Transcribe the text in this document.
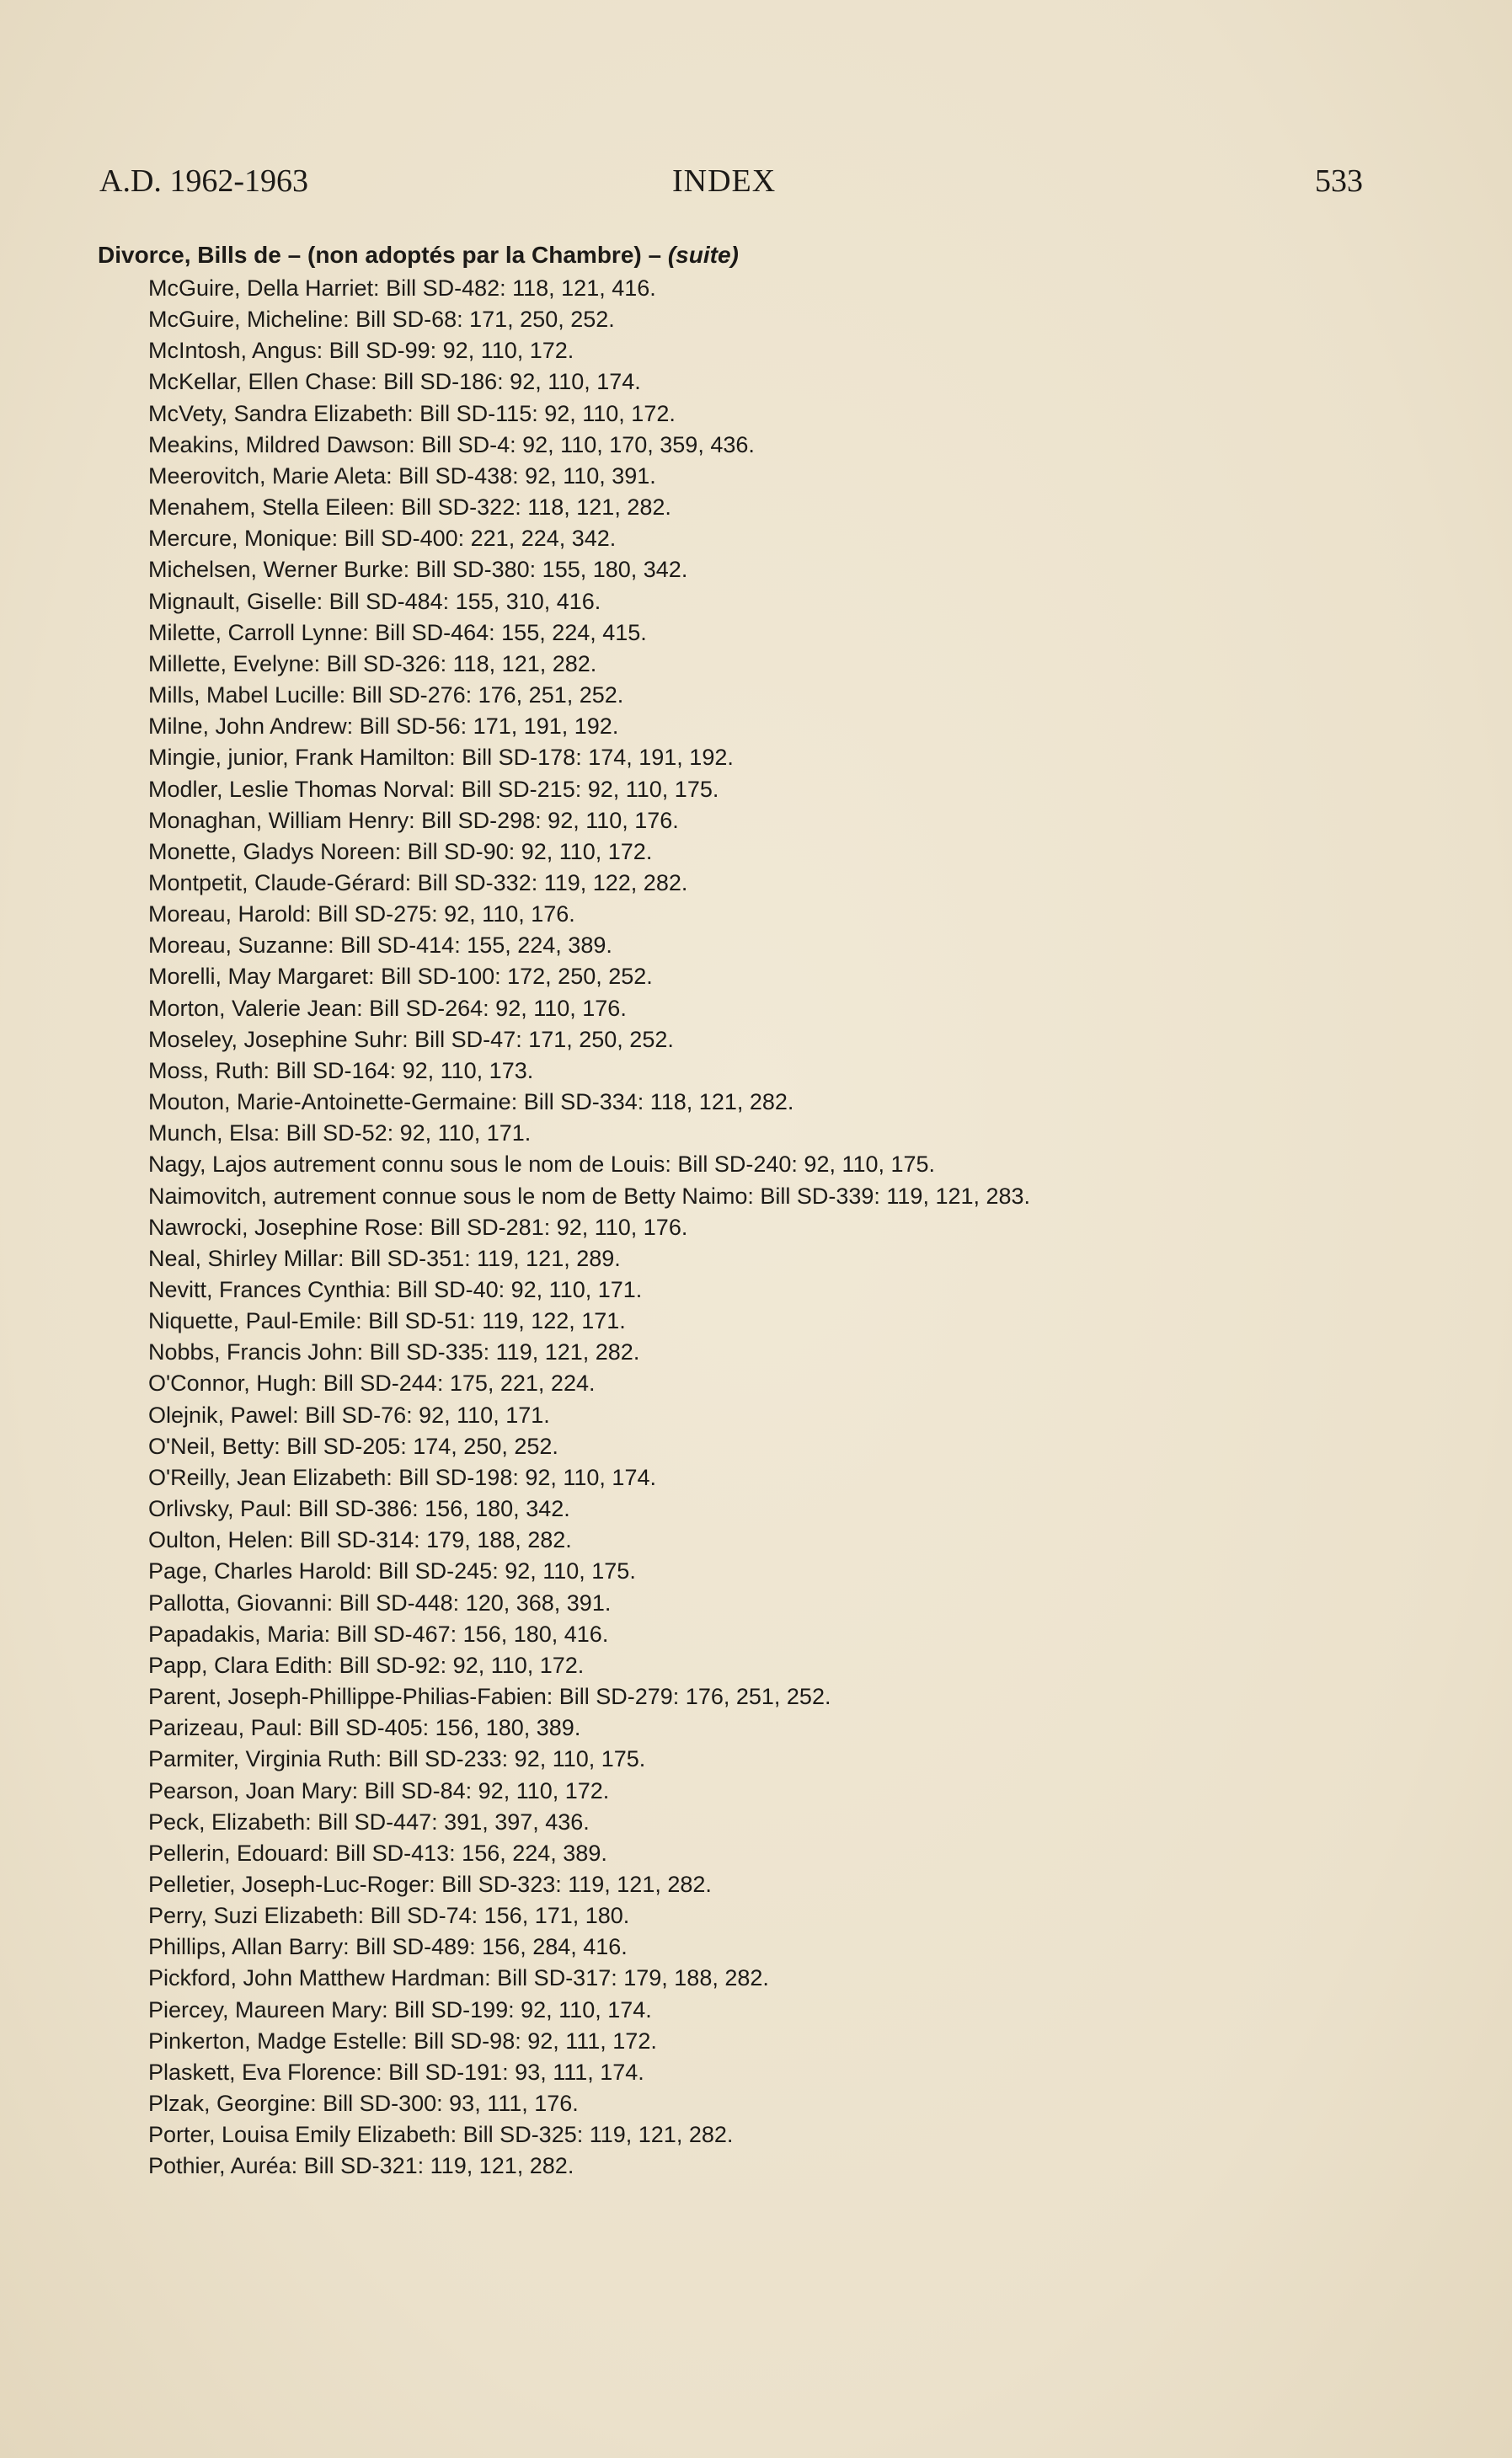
A.D. 1962-1963	INDEX	533
Divorce, Bills de – (non adoptés par la Chambre) – (suite)
McGuire, Della Harriet: Bill SD-482: 118, 121, 416.
McGuire, Micheline: Bill SD-68: 171, 250, 252.
McIntosh, Angus: Bill SD-99: 92, 110, 172.
McKellar, Ellen Chase: Bill SD-186: 92, 110, 174.
McVety, Sandra Elizabeth: Bill SD-115: 92, 110, 172.
Meakins, Mildred Dawson: Bill SD-4: 92, 110, 170, 359, 436.
Meerovitch, Marie Aleta: Bill SD-438: 92, 110, 391.
Menahem, Stella Eileen: Bill SD-322: 118, 121, 282.
Mercure, Monique: Bill SD-400: 221, 224, 342.
Michelsen, Werner Burke: Bill SD-380: 155, 180, 342.
Mignault, Giselle: Bill SD-484: 155, 310, 416.
Milette, Carroll Lynne: Bill SD-464: 155, 224, 415.
Millette, Evelyne: Bill SD-326: 118, 121, 282.
Mills, Mabel Lucille: Bill SD-276: 176, 251, 252.
Milne, John Andrew: Bill SD-56: 171, 191, 192.
Mingie, junior, Frank Hamilton: Bill SD-178: 174, 191, 192.
Modler, Leslie Thomas Norval: Bill SD-215: 92, 110, 175.
Monaghan, William Henry: Bill SD-298: 92, 110, 176.
Monette, Gladys Noreen: Bill SD-90: 92, 110, 172.
Montpetit, Claude-Gérard: Bill SD-332: 119, 122, 282.
Moreau, Harold: Bill SD-275: 92, 110, 176.
Moreau, Suzanne: Bill SD-414: 155, 224, 389.
Morelli, May Margaret: Bill SD-100: 172, 250, 252.
Morton, Valerie Jean: Bill SD-264: 92, 110, 176.
Moseley, Josephine Suhr: Bill SD-47: 171, 250, 252.
Moss, Ruth: Bill SD-164: 92, 110, 173.
Mouton, Marie-Antoinette-Germaine: Bill SD-334: 118, 121, 282.
Munch, Elsa: Bill SD-52: 92, 110, 171.
Nagy, Lajos autrement connu sous le nom de Louis: Bill SD-240: 92, 110, 175.
Naimovitch, autrement connue sous le nom de Betty Naimo: Bill SD-339: 119, 121, 283.
Nawrocki, Josephine Rose: Bill SD-281: 92, 110, 176.
Neal, Shirley Millar: Bill SD-351: 119, 121, 289.
Nevitt, Frances Cynthia: Bill SD-40: 92, 110, 171.
Niquette, Paul-Emile: Bill SD-51: 119, 122, 171.
Nobbs, Francis John: Bill SD-335: 119, 121, 282.
O'Connor, Hugh: Bill SD-244: 175, 221, 224.
Olejnik, Pawel: Bill SD-76: 92, 110, 171.
O'Neil, Betty: Bill SD-205: 174, 250, 252.
O'Reilly, Jean Elizabeth: Bill SD-198: 92, 110, 174.
Orlivsky, Paul: Bill SD-386: 156, 180, 342.
Oulton, Helen: Bill SD-314: 179, 188, 282.
Page, Charles Harold: Bill SD-245: 92, 110, 175.
Pallotta, Giovanni: Bill SD-448: 120, 368, 391.
Papadakis, Maria: Bill SD-467: 156, 180, 416.
Papp, Clara Edith: Bill SD-92: 92, 110, 172.
Parent, Joseph-Phillippe-Philias-Fabien: Bill SD-279: 176, 251, 252.
Parizeau, Paul: Bill SD-405: 156, 180, 389.
Parmiter, Virginia Ruth: Bill SD-233: 92, 110, 175.
Pearson, Joan Mary: Bill SD-84: 92, 110, 172.
Peck, Elizabeth: Bill SD-447: 391, 397, 436.
Pellerin, Edouard: Bill SD-413: 156, 224, 389.
Pelletier, Joseph-Luc-Roger: Bill SD-323: 119, 121, 282.
Perry, Suzi Elizabeth: Bill SD-74: 156, 171, 180.
Phillips, Allan Barry: Bill SD-489: 156, 284, 416.
Pickford, John Matthew Hardman: Bill SD-317: 179, 188, 282.
Piercey, Maureen Mary: Bill SD-199: 92, 110, 174.
Pinkerton, Madge Estelle: Bill SD-98: 92, 111, 172.
Plaskett, Eva Florence: Bill SD-191: 93, 111, 174.
Plzak, Georgine: Bill SD-300: 93, 111, 176.
Porter, Louisa Emily Elizabeth: Bill SD-325: 119, 121, 282.
Pothier, Auréa: Bill SD-321: 119, 121, 282.
